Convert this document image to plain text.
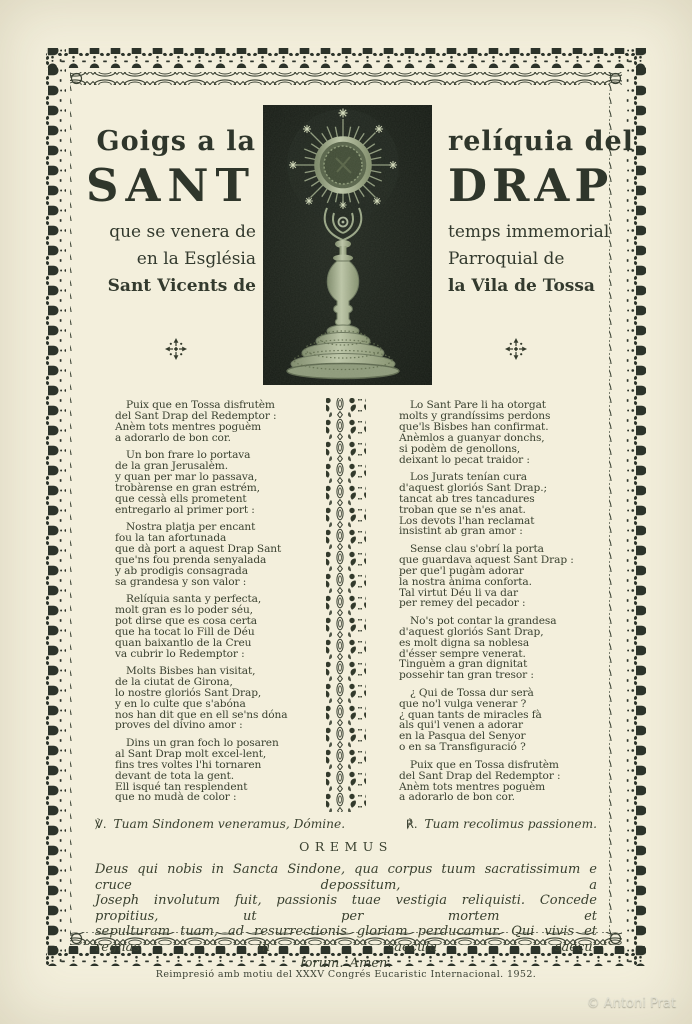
Goigs a la
SANT
que se venera de
en la Església
Sant Vicents de
relíquia del
DRAP
temps immemorial
Parroquial de
la Vila de Tossa

Puix que en Tossa disfrutèm
del Sant Drap del Redemptor :
Anèm tots mentres poguèm
a adorarlo de bon cor.

Un bon frare lo portava
de la gran Jerusalèm.
y quan per mar lo passava,
trobàrense en gran estrém,
que cessà ells prometent
entregarlo al primer port :

Nostra platja per encant
fou la tan afortunada
que dà port a aquest Drap Sant
que'ns fou prenda senyalada
y ab prodigis consagrada
sa grandesa y son valor :

Relíquia santa y perfecta,
molt gran es lo poder séu,
pot dirse que es cosa certa
que ha tocat lo Fill de Déu
quan baixantlo de la Creu
va cubrir lo Redemptor :

Molts Bisbes han visitat,
de la ciutat de Girona,
lo nostre gloriós Sant Drap,
y en lo culte que s'abóna
nos han dit que en ell se'ns dóna
proves del divino amor :

Dins un gran foch lo posaren
al Sant Drap molt excel-lent,
fins tres voltes l'hi tornaren
devant de tota la gent.
Ell isqué tan resplendent
que no mudà de color :

Lo Sant Pare li ha otorgat
molts y grandíssims perdons
que'ls Bisbes han confirmat.
Anèmlos a guanyar donchs,
si podèm de genollons,
deixant lo pecat traidor :

Los Jurats tenían cura
d'aquest gloriós Sant Drap.;
tancat ab tres tancadures
troban que se n'es anat.
Los devots l'han reclamat
insistint ab gran amor :

Sense clau s'obrí la porta
que guardava aquest Sant Drap :
per que'l pugàm adorar
la nostra ànima conforta.
Tal virtut Déu li va dar
per remey del pecador :

No's pot contar la grandesa
d'aquest gloriós Sant Drap,
es molt digna sa noblesa
d'ésser sempre venerat.
Tinguèm a gran dignitat
possehir tan gran tresor :

¿ Qui de Tossa dur serà
que no'l vulga venerar ?
¿ quan tants de miracles fà
als qui'l venen a adorar
en la Pasqua del Senyor
o en sa Transfiguració ?

Puix que en Tossa disfrutèm
del Sant Drap del Redemptor :
Anèm tots mentres poguèm
a adorarlo de bon cor.

℣. Tuam Sindonem veneramus, Dómine.	℟. Tuam recolimus passionem.
OREMUS
Deus qui nobis in Sancta Sindone, qua corpus tuum sacratissimum e cruce depossitum, a
Joseph involutum fuit, passionis tuae vestigia reliquisti. Concede propitius, ut per mortem et
sepulturam tuam, ad resurrectionis gloriam perducamur. Qui vivis et regnas in saecula saecu-
lorum. Amen.
Reimpresió amb motiu del XXXV Congrés Eucaristic Internacional. 1952.
© Antoni Prat
